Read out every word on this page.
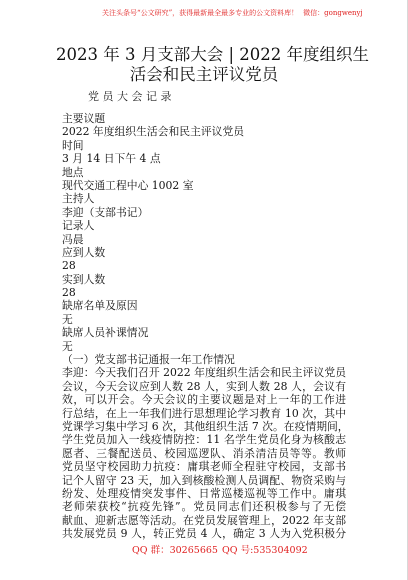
关注头条号“公文研究”，获得最新最全最多专业的公文资料库！ 微信：gongwenyj
2023 年 3 月支部大会 | 2022 年度组织生
活会和民主评议党员
党 员 大 会 记 录
主要议题
2022 年度组织生活会和民主评议党员
时间
3 月 14 日下午 4 点
地点
现代交通工程中心 1002 室
主持人
李迎（支部书记）
记录人
冯晨
应到人数
28
实到人数
28
缺席名单及原因
无
缺席人员补课情况
无
（一）党支部书记通报一年工作情况
李迎：今天我们召开 2022 年度组织生活会和民主评议党员
会议，今天会议应到人数 28 人，实到人数 28 人，会议有
效，可以开会。今天会议的主要议题是对上一年的工作进
行总结，在上一年我们进行思想理论学习教育 10 次，其中
党课学习集中学习 6 次，其他组织生活 7 次。在疫情期间，
学生党员加入一线疫情防控：11 名学生党员化身为核酸志
愿者、三餐配送员、校园巡逻队、消杀清洁员等等。教师
党员坚守校园助力抗疫：庸琪老师全程驻守校园，支部书
记个人留守 23 天，加入到核酸检测人员调配、物资采购与
纷发、处理疫情突发事件、日常巡楼巡视等工作中。庸琪
老师荣获校“抗疫先锋”。党员同志们还积极参与了无偿
献血、迎新志愿等活动。在党员发展管理上，2022 年支部
共发展党员 9 人，转正党员 4 人，确定 3 人为入党积极分
QQ 群：30265665 QQ 号:535304092
